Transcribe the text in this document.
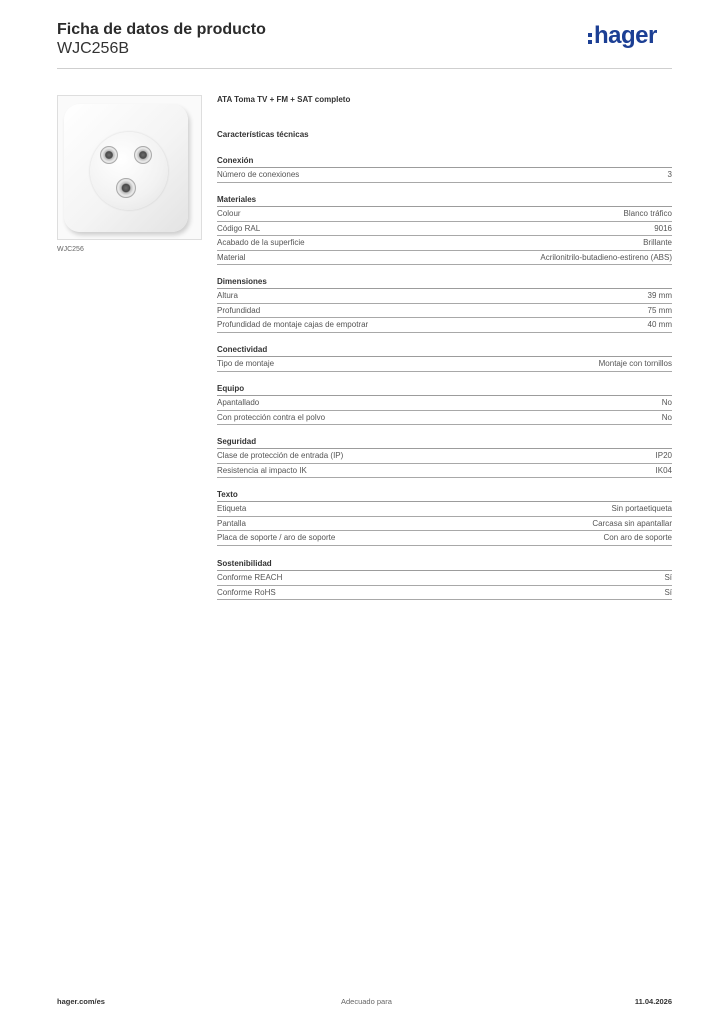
Ficha de datos de producto
WJC256B	hager
WJC256
ATA Toma TV + FM + SAT completo
Características técnicas
Conexión
Número de conexiones	3
Materiales
Colour	Blanco tráfico
Código RAL	9016
Acabado de la superficie	Brillante
Material	Acrilonitrilo-butadieno-estireno (ABS)
Dimensiones
Altura	39 mm
Profundidad	75 mm
Profundidad de montaje cajas de empotrar	40 mm
Conectividad
Tipo de montaje	Montaje con tornillos
Equipo
Apantallado	No
Con protección contra el polvo	No
Seguridad
Clase de protección de entrada (IP)	IP20
Resistencia al impacto IK	IK04
Texto
Etiqueta	Sin portaetiqueta
Pantalla	Carcasa sin apantallar
Placa de soporte / aro de soporte	Con aro de soporte
Sostenibilidad
Conforme REACH	Sí
Conforme RoHS	Sí
hager.com/es	Adecuado para	11.04.2026
